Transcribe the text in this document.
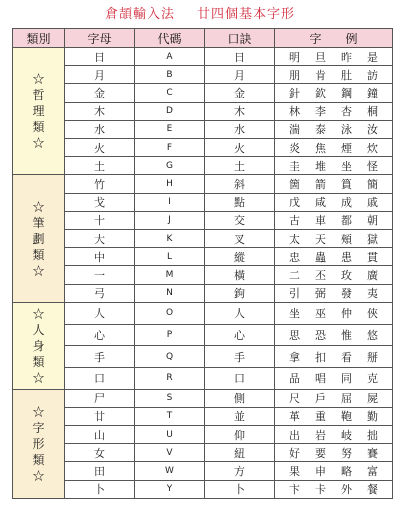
倉頡輸入法 廿四個基本字形
類別	字母	代碼	口訣	字　　例
☆哲理類☆	日	A	日	明 旦 昨 是
	月	B	月	朋 肯 肚 訪
	金	C	金	針 欽 鋼 鐘
	木	D	木	林 李 杏 桐
	水	E	水	湍 泰 泳 汝
	火	F	火	炎 焦 煙 炊
	土	G	土	圭 堆 坐 怪
☆筆劃類☆	竹	H	斜	箇 箭 篔 簡
	戈	I	點	戊 咸 成 戚
	十	J	交	古 車 都 朝
	大	K	叉	太 天 頰 獄
	中	L	縱	忠 蟲 患 貫
	一	M	橫	二 丕 玫 廣
	弓	N	鉤	引 弼 發 夷
☆人身類☆	人	O	人	坐 巫 仲 俠
	心	P	心	思 恐 惟 悠
	手	Q	手	拿 扣 看 掰
	口	R	口	品 唱 同 克
☆字形類☆	尸	S	側	尺 戶 屈 屍
	廿	T	並	革 重 鞄 勤
	山	U	仰	出 岩 岐 拙
	女	V	紐	好 要 努 賽
	田	W	方	果 申 略 富
	卜	Y	卜	卞 卡 外 餐
